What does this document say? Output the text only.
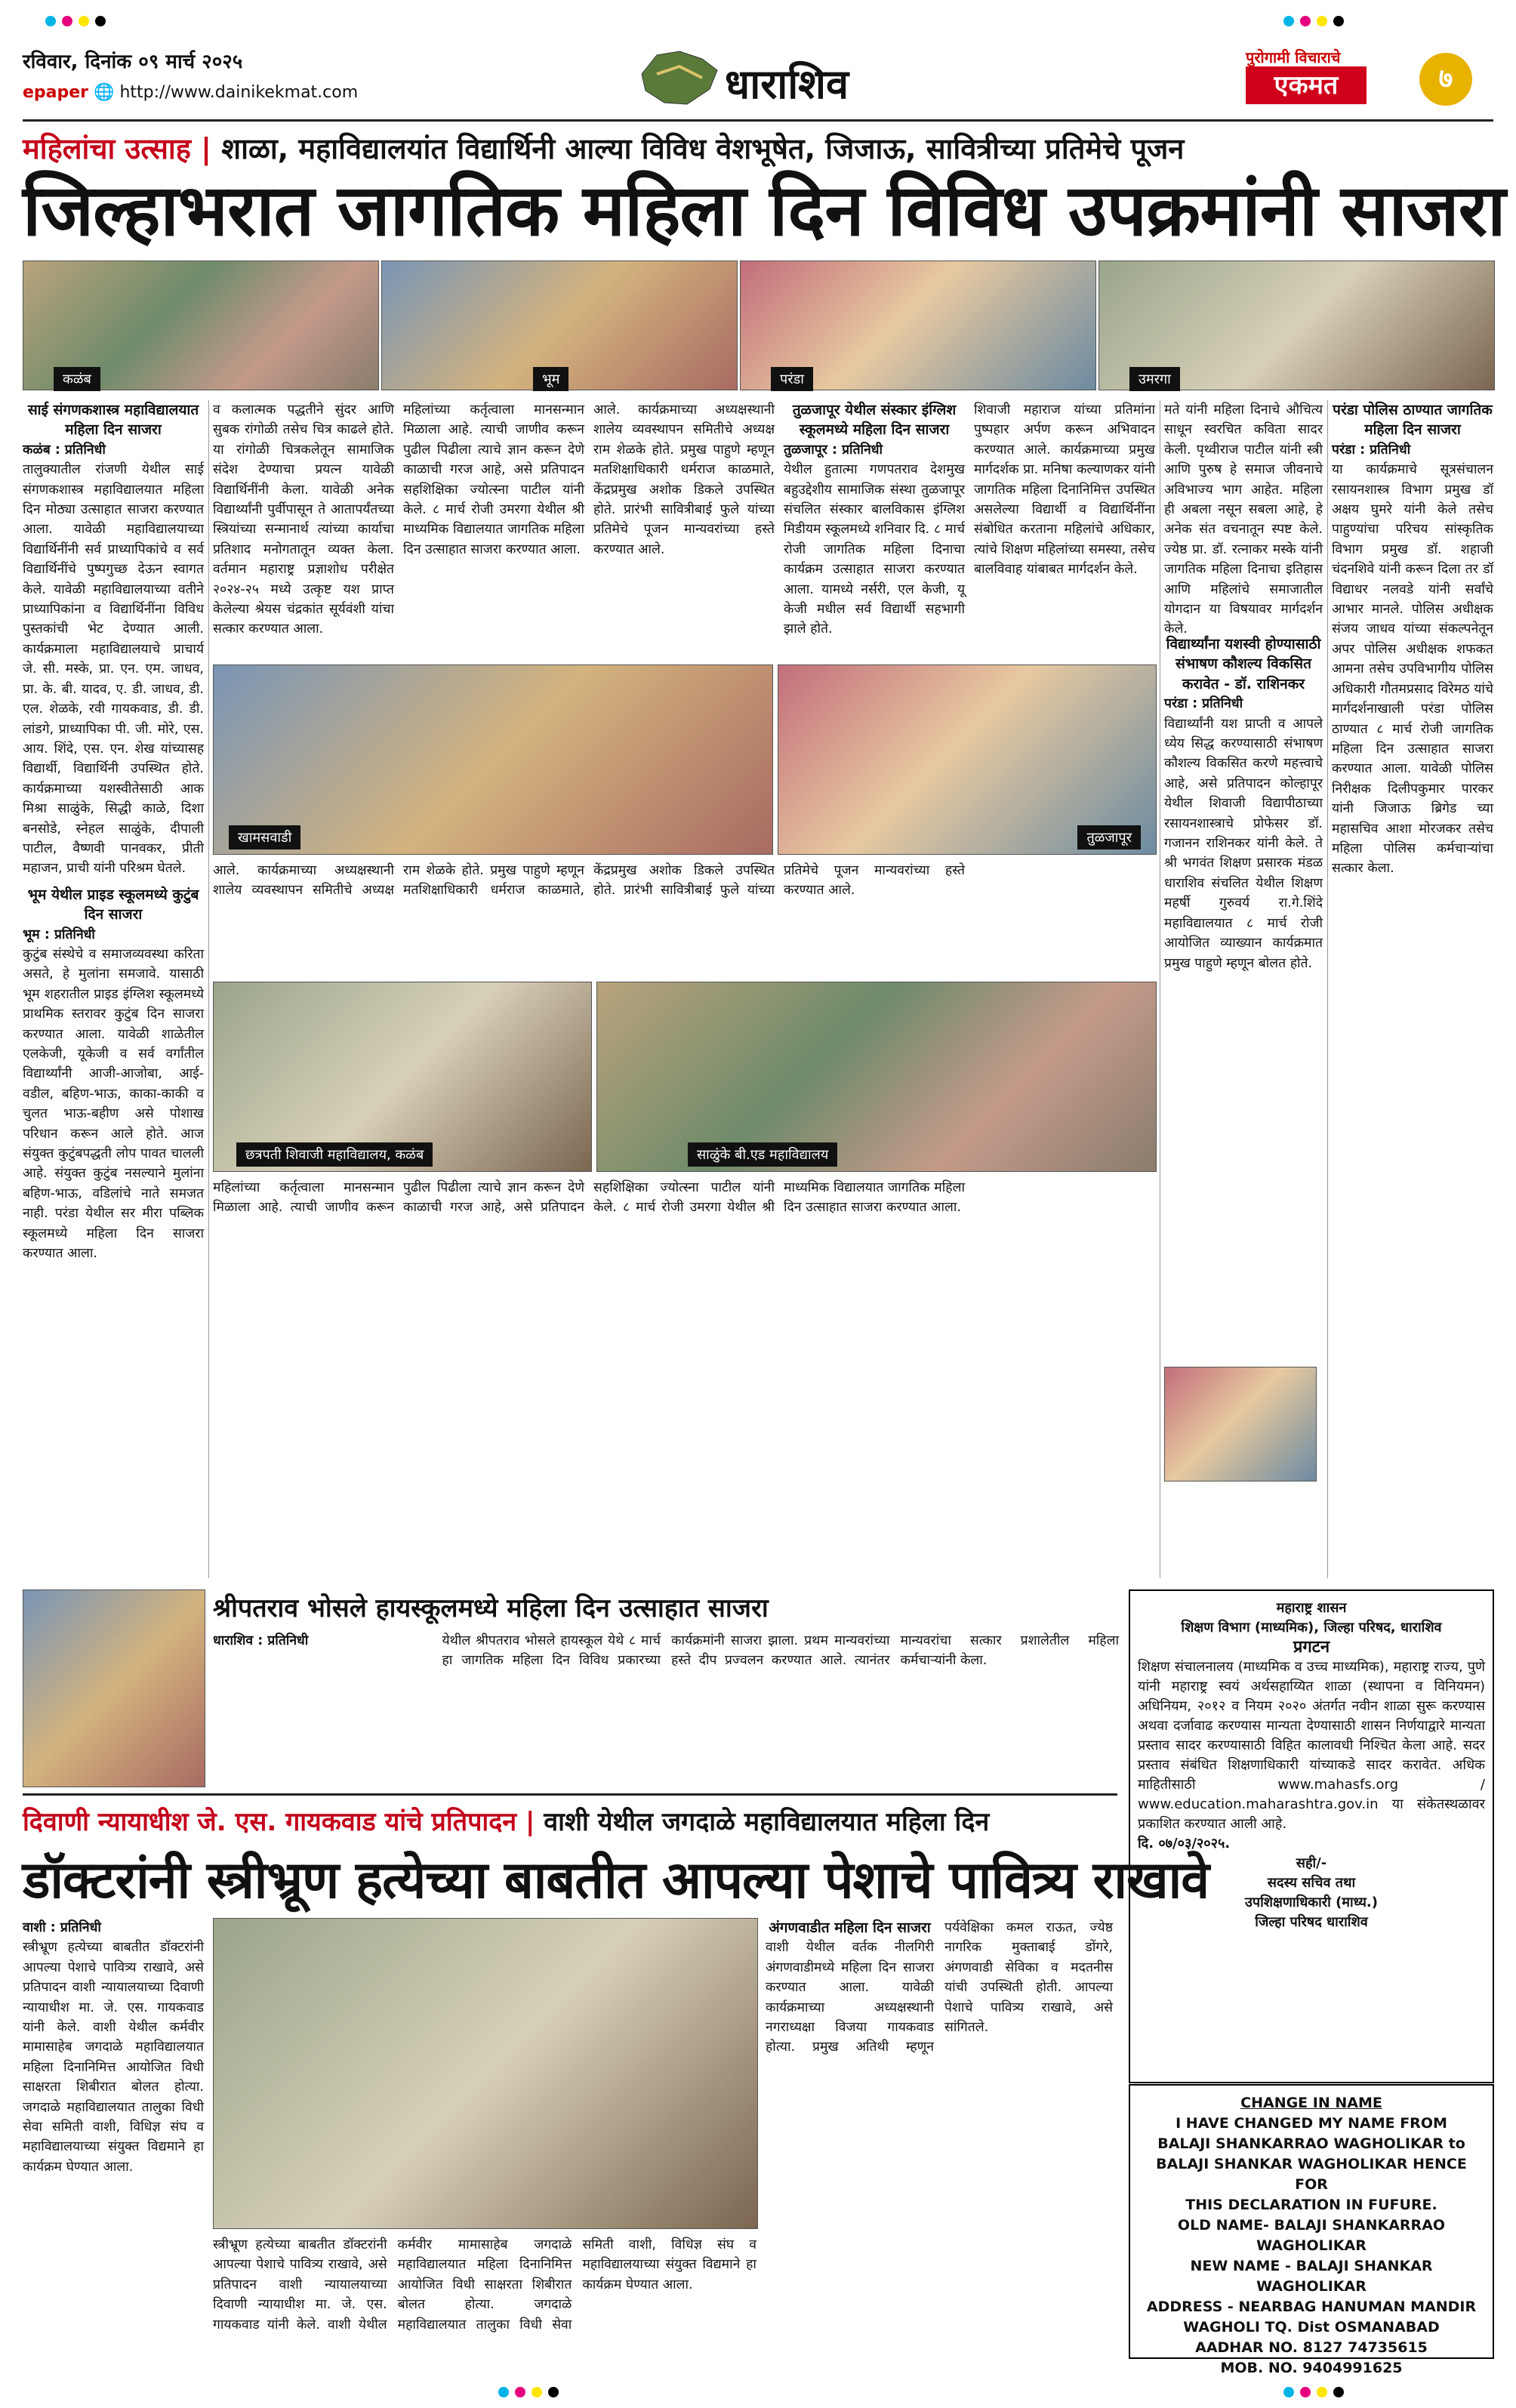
रविवार, दिनांक ०९ मार्च २०२५
epaper 🌐 http://www.dainikekmat.com	धाराशिव
पुरोगामी विचाराचे
एकमत	७
महिलांचा उत्साह | शाळा, महाविद्यालयांत विद्यार्थिनी आल्या विविध वेशभूषेत, जिजाऊ, सावित्रीच्या प्रतिमेचे पूजन
जिल्हाभरात जागतिक महिला दिन विविध उपक्रमांनी साजरा
कळंब	भूम	परंडा	उमरगा
साई संगणकशास्त्र महाविद्यालयात महिला दिन साजरा
कळंब : प्रतिनिधी
तालुक्यातील रांजणी येथील साई संगणकशास्त्र महाविद्यालयात महिला दिन मोठ्या उत्साहात साजरा करण्यात आला. यावेळी महाविद्यालयाच्या विद्यार्थिनींनी सर्व प्राध्यापिकांचे व सर्व विद्यार्थिनींचे पुष्पगुच्छ देऊन स्वागत केले. यावेळी महाविद्यालयाच्या वतीने प्राध्यापिकांना व विद्यार्थिनींना विविध पुस्तकांची भेट देण्यात आली. कार्यक्रमाला महाविद्यालयाचे प्राचार्य जे. सी. मस्के, प्रा. एन. एम. जाधव, प्रा. के. बी. यादव, ए. डी. जाधव, डी. एल. शेळके, रवी गायकवाड, डी. डी. लांडगे, प्राध्यापिका पी. जी. मोरे, एस. आय. शिंदे, एस. एन. शेख यांच्यासह विद्यार्थी, विद्यार्थिनी उपस्थित होते. कार्यक्रमाच्या यशस्वीतेसाठी आक मिश्रा साळुंके, सिद्धी काळे, दिशा बनसोडे, स्नेहल साळुंके, दीपाली पाटील, वैष्णवी पानवकर, प्रीती महाजन, प्राची यांनी परिश्रम घेतले.
भूम येथील प्राइड स्कूलमध्ये कुटुंब दिन साजरा
भूम : प्रतिनिधी
कुटुंब संस्थेचे व समाजव्यवस्था करिता असते, हे मुलांना समजावे. यासाठी भूम शहरातील प्राइड इंग्लिश स्कूलमध्ये प्राथमिक स्तरावर कुटुंब दिन साजरा करण्यात आला. यावेळी शाळेतील एलकेजी, यूकेजी व सर्व वर्गांतील विद्यार्थ्यांनी आजी-आजोबा, आई-वडील, बहिण-भाऊ, काका-काकी व चुलत भाऊ-बहीण असे पोशाख परिधान करून आले होते. आज संयुक्त कुटुंबपद्धती लोप पावत चालली आहे. संयुक्त कुटुंब नसल्याने मुलांना बहिण-भाऊ, वडिलांचे नाते समजत नाही. परंडा येथील सर मीरा पब्लिक स्कूलमध्ये महिला दिन साजरा करण्यात आला.
व कलात्मक पद्धतीने सुंदर आणि सुबक रांगोळी तसेच चित्र काढले होते. या रांगोळी चित्रकलेतून सामाजिक संदेश देण्याचा प्रयत्न यावेळी विद्यार्थिनींनी केला. यावेळी अनेक विद्यार्थ्यांनी पुर्वीपासून ते आतापर्यंतच्या स्त्रियांच्या सन्मानार्थ त्यांच्या कार्याचा प्रतिशाद मनोगतातून व्यक्त केला. वर्तमान महाराष्ट्र प्रज्ञाशोध परीक्षेत २०२४-२५ मध्ये उत्कृष्ट यश प्राप्त केलेल्या श्रेयस चंद्रकांत सूर्यवंशी यांचा सत्कार करण्यात आला.
महिलांच्या कर्तृत्वाला मानसन्मान मिळाला आहे. त्याची जाणीव करून पुढील पिढीला त्याचे ज्ञान करून देणे काळाची गरज आहे, असे प्रतिपादन सहशिक्षिका ज्योत्स्ना पाटील यांनी केले. ८ मार्च रोजी उमरगा येथील श्री माध्यमिक विद्यालयात जागतिक महिला दिन उत्साहात साजरा करण्यात आला.
आले. कार्यक्रमाच्या अध्यक्षस्थानी शालेय व्यवस्थापन समितीचे अध्यक्ष राम शेळके होते. प्रमुख पाहुणे म्हणून मतशिक्षाधिकारी धर्मराज काळमाते, केंद्रप्रमुख अशोक डिकले उपस्थित होते. प्रारंभी सावित्रीबाई फुले यांच्या प्रतिमेचे पूजन मान्यवरांच्या हस्ते करण्यात आले.
तुळजापूर येथील संस्कार इंग्लिश स्कूलमध्ये महिला दिन साजरा
तुळजापूर : प्रतिनिधी
येथील हुतात्मा गणपतराव देशमुख बहुउद्देशीय सामाजिक संस्था तुळजापूर संचलित संस्कार बालविकास इंग्लिश मिडीयम स्कूलमध्ये शनिवार दि. ८ मार्च रोजी जागतिक महिला दिनाचा कार्यक्रम उत्साहात साजरा करण्यात आला. यामध्ये नर्सरी, एल केजी, यू केजी मधील सर्व विद्यार्थी सहभागी झाले होते.
शिवाजी महाराज यांच्या प्रतिमांना पुष्पहार अर्पण करून अभिवादन करण्यात आले. कार्यक्रमाच्या प्रमुख मार्गदर्शक प्रा. मनिषा कल्याणकर यांनी जागतिक महिला दिनानिमित्त उपस्थित असलेल्या विद्यार्थी व विद्यार्थिनींना संबोधित करताना महिलांचे अधिकार, त्यांचे शिक्षण महिलांच्या समस्या, तसेच बालविवाह यांबाबत मार्गदर्शन केले.
खामसवाडी	तुळजापूर
आले. कार्यक्रमाच्या अध्यक्षस्थानी शालेय व्यवस्थापन समितीचे अध्यक्ष राम शेळके होते. प्रमुख पाहुणे म्हणून मतशिक्षाधिकारी धर्मराज काळमाते, केंद्रप्रमुख अशोक डिकले उपस्थित होते. प्रारंभी सावित्रीबाई फुले यांच्या प्रतिमेचे पूजन मान्यवरांच्या हस्ते करण्यात आले.
छत्रपती शिवाजी महाविद्यालय, कळंब	साळुंके बी.एड महाविद्यालय
महिलांच्या कर्तृत्वाला मानसन्मान मिळाला आहे. त्याची जाणीव करून पुढील पिढीला त्याचे ज्ञान करून देणे काळाची गरज आहे, असे प्रतिपादन सहशिक्षिका ज्योत्स्ना पाटील यांनी केले. ८ मार्च रोजी उमरगा येथील श्री माध्यमिक विद्यालयात जागतिक महिला दिन उत्साहात साजरा करण्यात आला.
मते यांनी महिला दिनाचे औचित्य साधून स्वरचित कविता सादर केली. पृथ्वीराज पाटील यांनी स्त्री आणि पुरुष हे समाज जीवनाचे अविभाज्य भाग आहेत. महिला ही अबला नसून सबला आहे, हे अनेक संत वचनातून स्पष्ट केले. ज्येष्ठ प्रा. डॉ. रत्नाकर मस्के यांनी जागतिक महिला दिनाचा इतिहास आणि महिलांचे समाजातील योगदान या विषयावर मार्गदर्शन केले.
विद्यार्थ्यांना यशस्वी होण्यासाठी संभाषण कौशल्य विकसित करावेत - डॉ. राशिनकर
परंडा : प्रतिनिधी
विद्यार्थ्यांनी यश प्राप्ती व आपले ध्येय सिद्ध करण्यासाठी संभाषण कौशल्य विकसित करणे महत्त्वाचे आहे, असे प्रतिपादन कोल्हापूर येथील शिवाजी विद्यापीठाच्या रसायनशास्त्राचे प्रोफेसर डॉ. गजानन राशिनकर यांनी केले. ते श्री भगवंत शिक्षण प्रसारक मंडळ धाराशिव संचलित येथील शिक्षण महर्षी गुरुवर्य रा.गे.शिंदे महाविद्यालयात ८ मार्च रोजी आयोजित व्याख्यान कार्यक्रमात प्रमुख पाहुणे म्हणून बोलत होते.
परंडा पोलिस ठाण्यात जागतिक महिला दिन साजरा
परंडा : प्रतिनिधी
या कार्यक्रमाचे सूत्रसंचालन रसायनशास्त्र विभाग प्रमुख डॉ अक्षय घुमरे यांनी केले तसेच पाहुण्यांचा परिचय सांस्कृतिक विभाग प्रमुख डॉ. शहाजी चंदनशिवे यांनी करून दिला तर डॉ विद्याधर नलवडे यांनी सर्वांचे आभार मानले. पोलिस अधीक्षक संजय जाधव यांच्या संकल्पनेतून अपर पोलिस अधीक्षक शफकत आमना तसेच उपविभागीय पोलिस अधिकारी गौतमप्रसाद विरेमठ यांचे मार्गदर्शनाखाली परंडा पोलिस ठाण्यात ८ मार्च रोजी जागतिक महिला दिन उत्साहात साजरा करण्यात आला. यावेळी पोलिस निरीक्षक दिलीपकुमार पारकर यांनी जिजाऊ ब्रिगेड च्या महासचिव आशा मोरजकर तसेच महिला पोलिस कर्मचाऱ्यांचा सत्कार केला.
श्रीपतराव भोसले हायस्कूलमध्ये महिला दिन उत्साहात साजरा
धाराशिव : प्रतिनिधी	येथील श्रीपतराव भोसले हायस्कूल येथे ८ मार्च हा जागतिक महिला दिन विविध प्रकारच्या कार्यक्रमांनी साजरा झाला. प्रथम मान्यवरांच्या हस्ते दीप प्रज्वलन करण्यात आले. त्यानंतर मान्यवरांचा सत्कार प्रशालेतील महिला कर्मचाऱ्यांनी केला.
महाराष्ट्र शासन
शिक्षण विभाग (माध्यमिक), जिल्हा परिषद, धाराशिव
प्रगटन
शिक्षण संचालनालय (माध्यमिक व उच्च माध्यमिक), महाराष्ट्र राज्य, पुणे यांनी महाराष्ट्र स्वयं अर्थसहाय्यित शाळा (स्थापना व विनियमन) अधिनियम, २०१२ व नियम २०२० अंतर्गत नवीन शाळा सुरू करण्यास अथवा दर्जावाढ करण्यास मान्यता देण्यासाठी शासन निर्णयाद्वारे मान्यता प्रस्ताव सादर करण्यासाठी विहित कालावधी निश्चित केला आहे. सदर प्रस्ताव संबंधित शिक्षणाधिकारी यांच्याकडे सादर करावेत. अधिक माहितीसाठी www.mahasfs.org / www.education.maharashtra.gov.in या संकेतस्थळावर प्रकाशित करण्यात आली आहे.
दि. ०७/०३/२०२५.
सही/-
सदस्य सचिव तथा
उपशिक्षणाधिकारी (माध्य.)
जिल्हा परिषद धाराशिव
दिवाणी न्यायाधीश जे. एस. गायकवाड यांचे प्रतिपादन | वाशी येथील जगदाळे महाविद्यालयात महिला दिन
डॉक्टरांनी स्त्रीभ्रूण हत्येच्या बाबतीत आपल्या पेशाचे पावित्र्य राखावे
वाशी : प्रतिनिधी
स्त्रीभ्रूण हत्येच्या बाबतीत डॉक्टरांनी आपल्या पेशाचे पावित्र्य राखावे, असे प्रतिपादन वाशी न्यायालयाच्या दिवाणी न्यायाधीश मा. जे. एस. गायकवाड यांनी केले. वाशी येथील कर्मवीर मामासाहेब जगदाळे महाविद्यालयात महिला दिनानिमित्त आयोजित विधी साक्षरता शिबीरात बोलत होत्या. जगदाळे महाविद्यालयात तालुका विधी सेवा समिती वाशी, विधिज्ञ संघ व महाविद्यालयाच्या संयुक्त विद्यमाने हा कार्यक्रम घेण्यात आला.
स्त्रीभ्रूण हत्येच्या बाबतीत डॉक्टरांनी आपल्या पेशाचे पावित्र्य राखावे, असे प्रतिपादन वाशी न्यायालयाच्या दिवाणी न्यायाधीश मा. जे. एस. गायकवाड यांनी केले. वाशी येथील कर्मवीर मामासाहेब जगदाळे महाविद्यालयात महिला दिनानिमित्त आयोजित विधी साक्षरता शिबीरात बोलत होत्या. जगदाळे महाविद्यालयात तालुका विधी सेवा समिती वाशी, विधिज्ञ संघ व महाविद्यालयाच्या संयुक्त विद्यमाने हा कार्यक्रम घेण्यात आला.
अंगणवाडीत महिला दिन साजरा
वाशी येथील वर्तक नीलगिरी अंगणवाडीमध्ये महिला दिन साजरा करण्यात आला. यावेळी कार्यक्रमाच्या अध्यक्षस्थानी नगराध्यक्षा विजया गायकवाड होत्या. प्रमुख अतिथी म्हणून पर्यवेक्षिका कमल राऊत, ज्येष्ठ नागरिक मुक्ताबाई डोंगरे, अंगणवाडी सेविका व मदतनीस यांची उपस्थिती होती. आपल्या पेशाचे पावित्र्य राखावे, असे सांगितले.
CHANGE IN NAME
I HAVE CHANGED MY NAME FROM
BALAJI SHANKARRAO WAGHOLIKAR to
BALAJI SHANKAR WAGHOLIKAR HENCE FOR
THIS DECLARATION IN FUFURE.
OLD NAME- BALAJI SHANKARRAO WAGHOLIKAR
NEW NAME - BALAJI SHANKAR WAGHOLIKAR
ADDRESS - NEARBAG HANUMAN MANDIR
WAGHOLI TQ. Dist OSMANABAD
AADHAR NO. 8127 74735615
MOB. NO. 9404991625
